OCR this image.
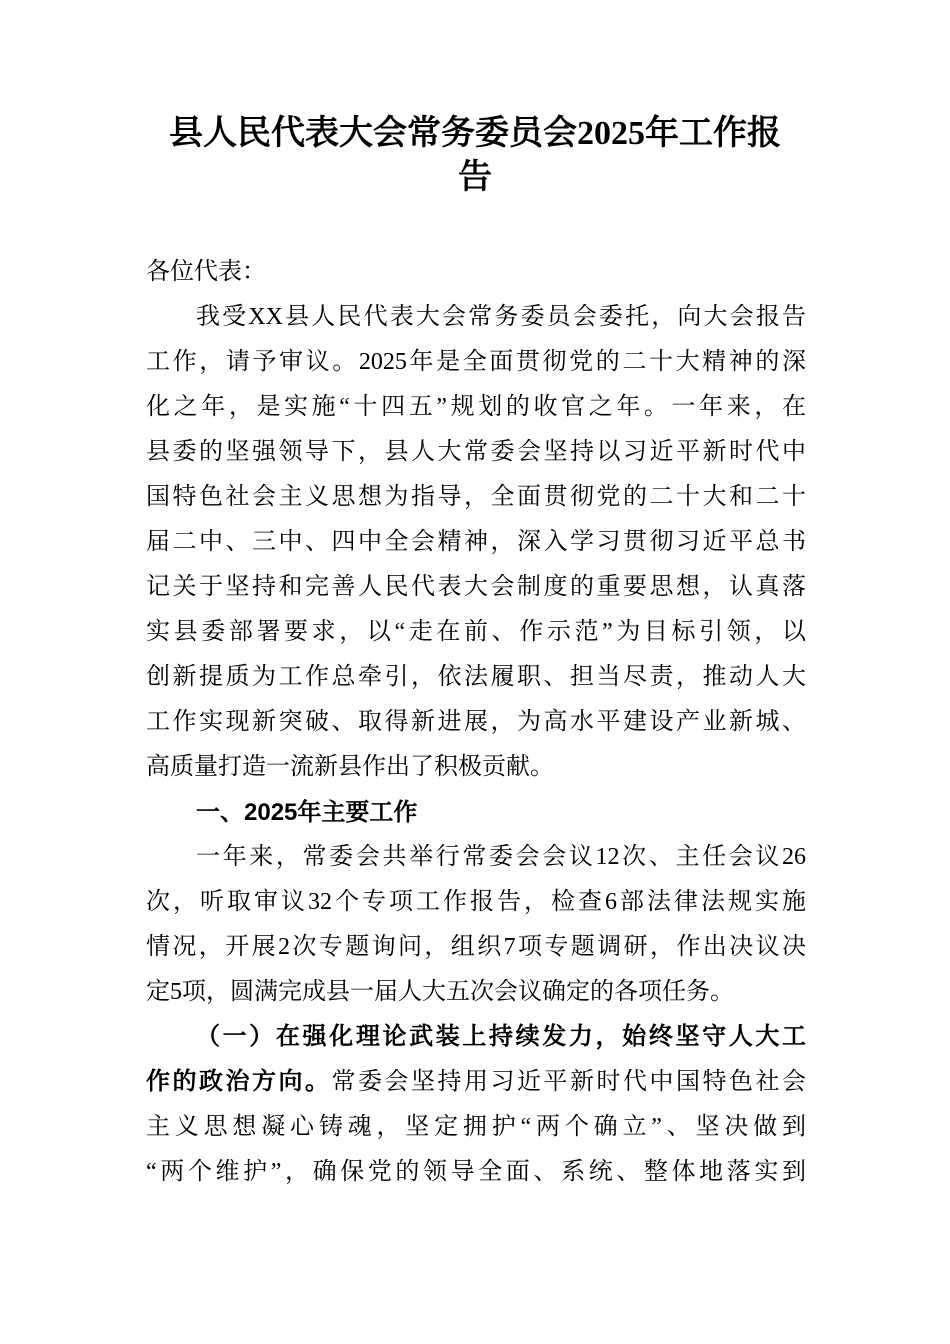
县人民代表大会常务委员会2025年工作报
告
各位代表：
我受XX县人民代表大会常务委员会委托，向大会报告
工作，请予审议。2025年是全面贯彻党的二十大精神的深
化之年，是实施“十四五”规划的收官之年。一年来，在
县委的坚强领导下，县人大常委会坚持以习近平新时代中
国特色社会主义思想为指导，全面贯彻党的二十大和二十
届二中、三中、四中全会精神，深入学习贯彻习近平总书
记关于坚持和完善人民代表大会制度的重要思想，认真落
实县委部署要求，以“走在前、作示范”为目标引领，以
创新提质为工作总牵引，依法履职、担当尽责，推动人大
工作实现新突破、取得新进展，为高水平建设产业新城、
高质量打造一流新县作出了积极贡献。
一、2025年主要工作
一年来，常委会共举行常委会会议12次、主任会议26
次，听取审议32个专项工作报告，检查6部法律法规实施
情况，开展2次专题询问，组织7项专题调研，作出决议决
定5项，圆满完成县一届人大五次会议确定的各项任务。
（一）在强化理论武装上持续发力，始终坚守人大工
作的政治方向。常委会坚持用习近平新时代中国特色社会
主义思想凝心铸魂，坚定拥护“两个确立”、坚决做到
“两个维护”，确保党的领导全面、系统、整体地落实到
